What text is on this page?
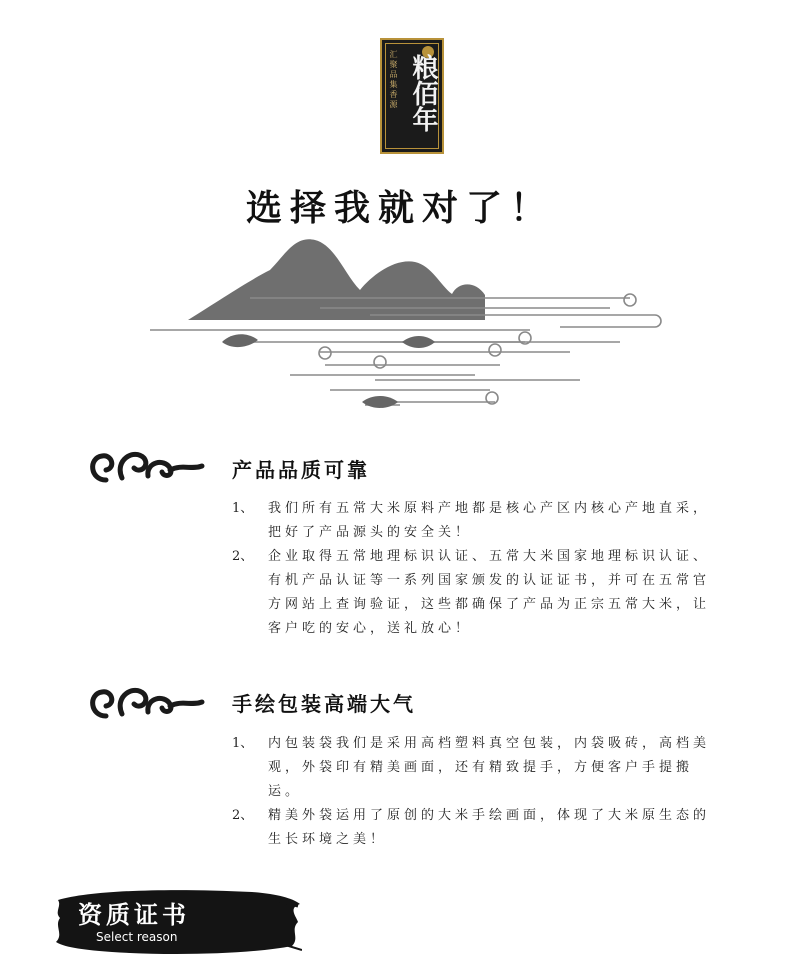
汇聚品集香源 粮佰年
选择我就对了！
产品品质可靠
1、 我们所有五常大米原料产地都是核心产区内核心产地直采，把好了产品源头的安全关！
2、 企业取得五常地理标识认证、五常大米国家地理标识认证、有机产品认证等一系列国家颁发的认证证书，并可在五常官方网站上查询验证，这些都确保了产品为正宗五常大米，让客户吃的安心，送礼放心！
手绘包装高端大气
1、 内包装袋我们是采用高档塑料真空包装，内袋吸砖，高档美观，外袋印有精美画面，还有精致提手，方便客户手提搬运。
2、 精美外袋运用了原创的大米手绘画面，体现了大米原生态的生长环境之美！
资质证书
Select reason
